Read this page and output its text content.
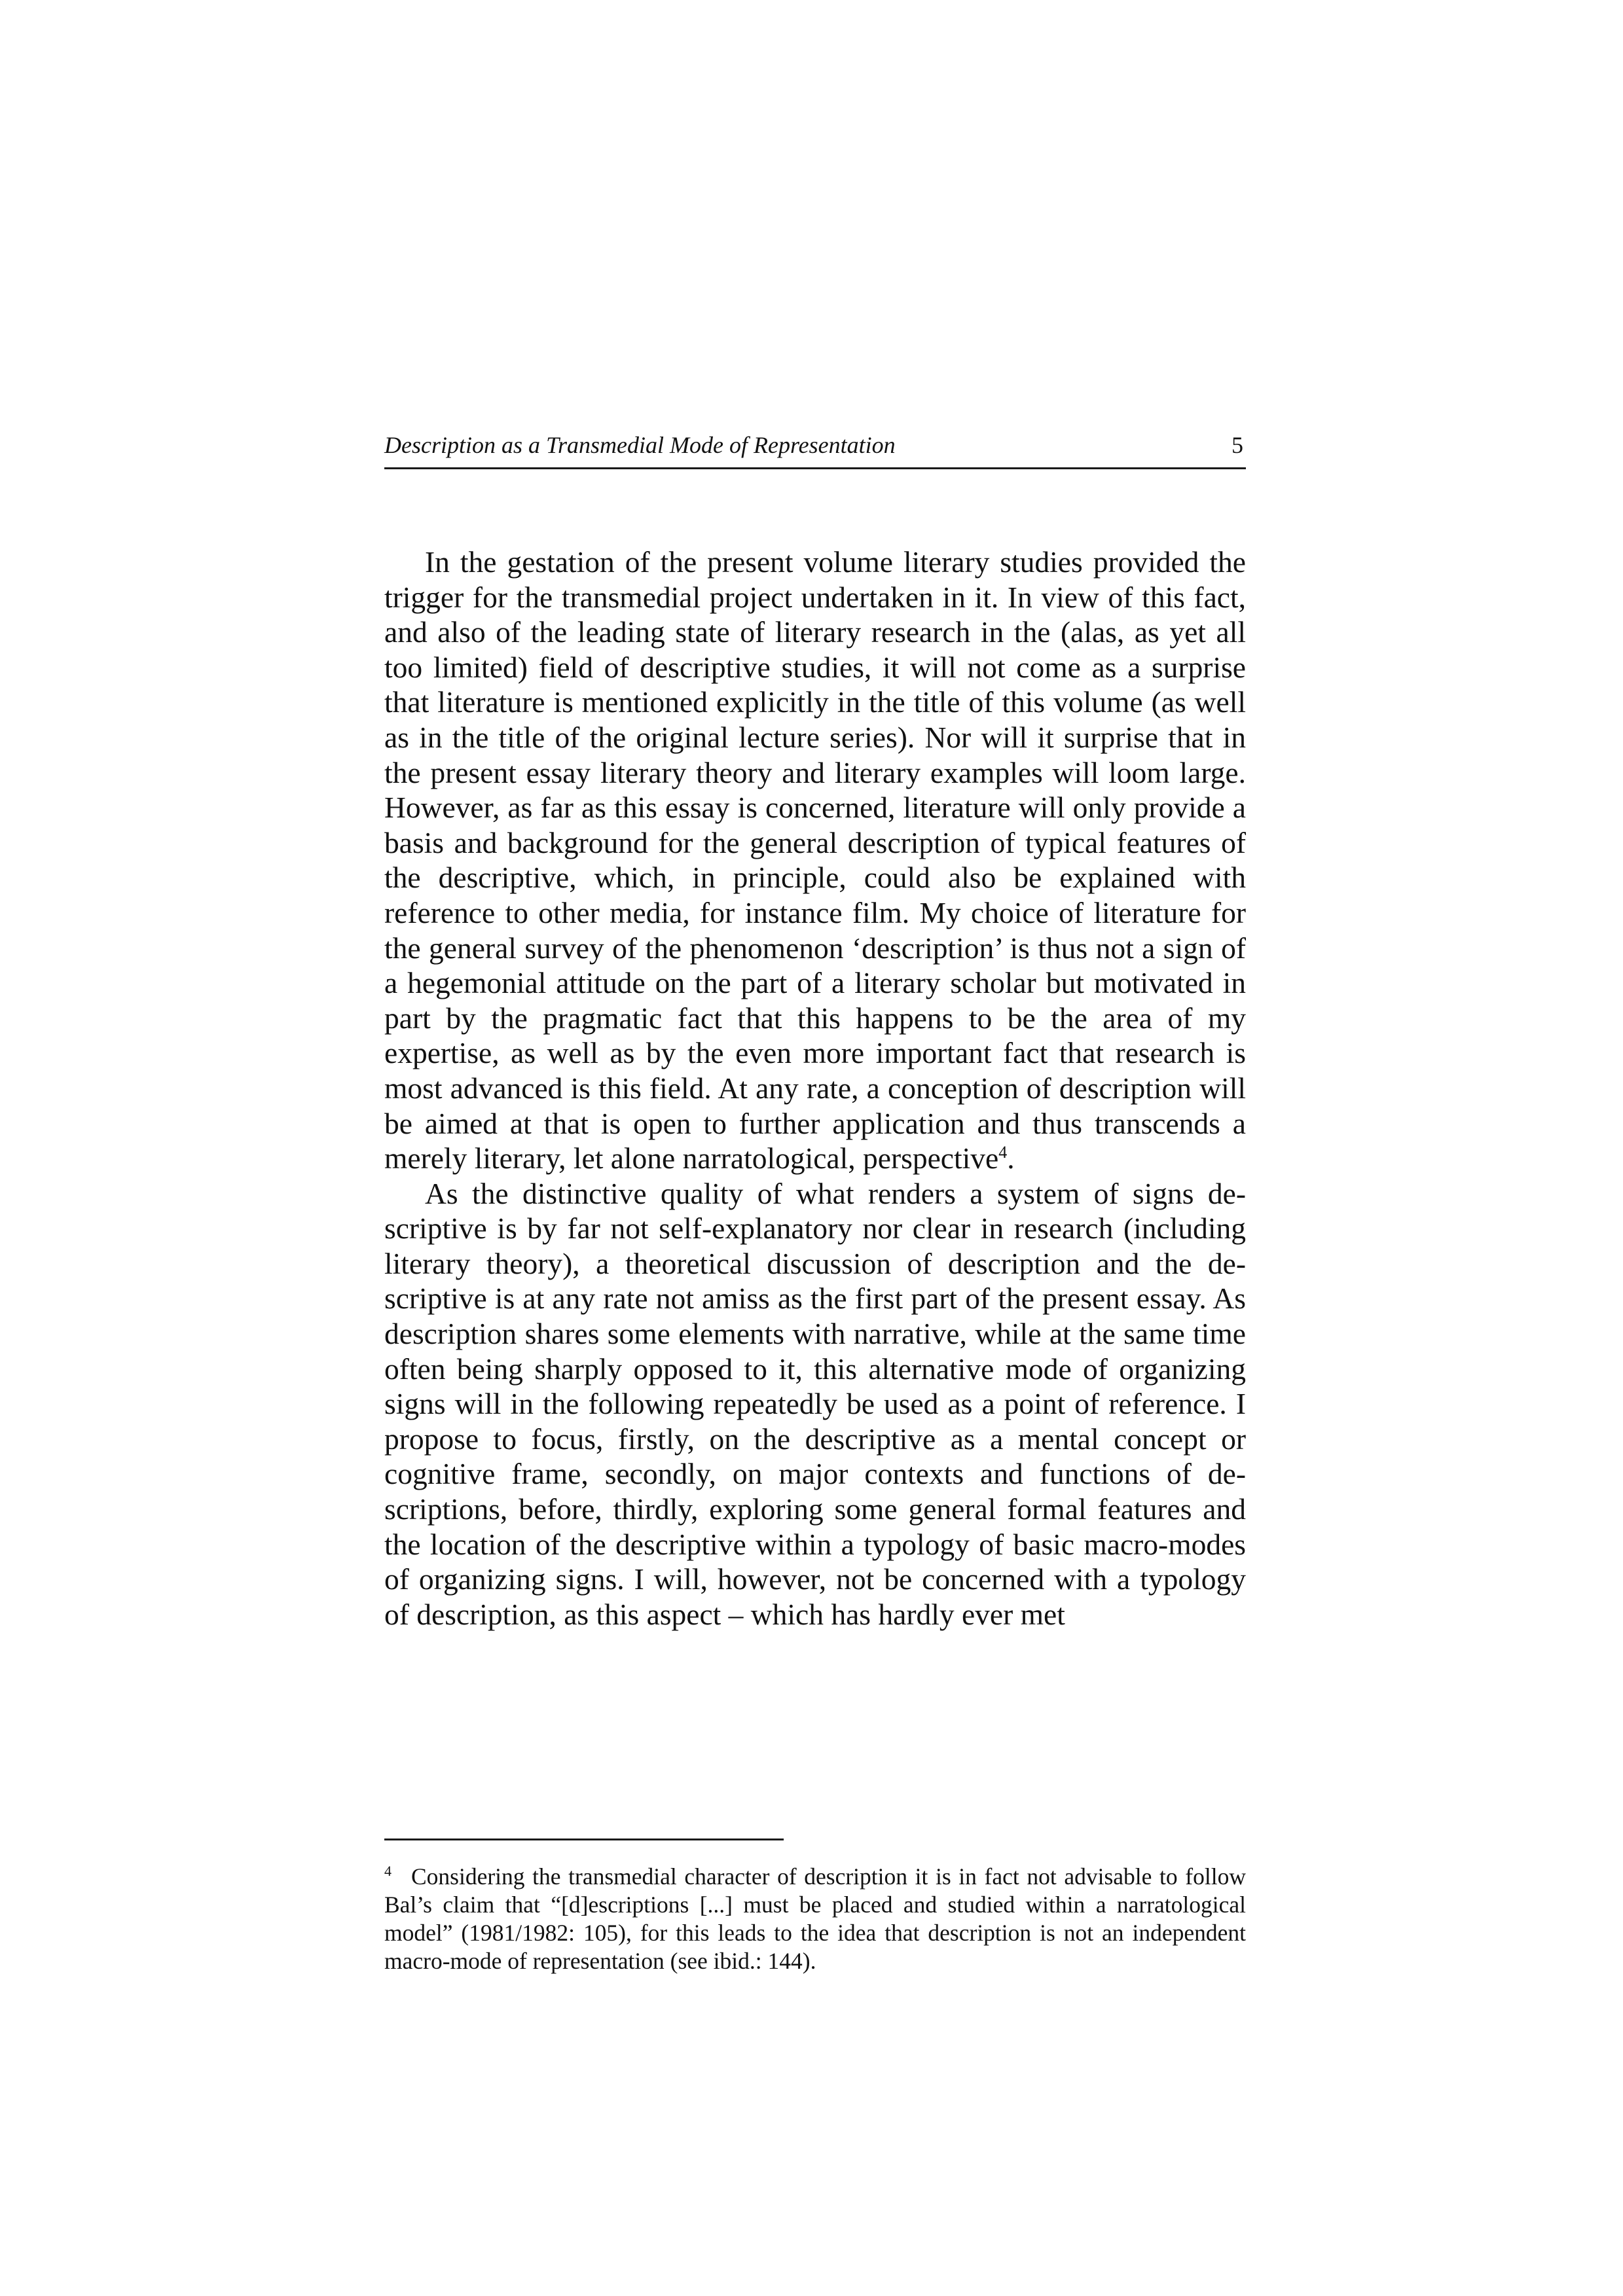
Description as a Transmedial Mode of Representation	5

In the gestation of the present volume literary studies provided the trigger for the transmedial project undertaken in it. In view of this fact, and also of the leading state of literary research in the (alas, as yet all too limited) field of descriptive studies, it will not come as a surprise that literature is mentioned explicitly in the title of this volume (as well as in the title of the original lecture series). Nor will it surprise that in the present essay literary theory and literary examples will loom large. However, as far as this essay is concerned, literature will only provide a basis and background for the general description of typical features of the descriptive, which, in principle, could also be explained with reference to other media, for instance film. My choice of literature for the general survey of the phenomenon ‘description’ is thus not a sign of a hegemonial attitude on the part of a literary scholar but motivated in part by the pragmatic fact that this happens to be the area of my expertise, as well as by the even more important fact that research is most advanced is this field. At any rate, a conception of description will be aimed at that is open to further application and thus transcends a merely literary, let alone narratological, perspective$^4$.

As the distinctive quality of what renders a system of signs descriptive is by far not self-explanatory nor clear in research (including literary theory), a theoretical discussion of description and the descriptive is at any rate not amiss as the first part of the present essay. As description shares some elements with narrative, while at the same time often being sharply opposed to it, this alternative mode of organizing signs will in the following repeatedly be used as a point of reference. I propose to focus, firstly, on the descriptive as a mental concept or cognitive frame, secondly, on major contexts and functions of descriptions, before, thirdly, exploring some general formal features and the location of the descriptive within a typology of basic macro-modes of organizing signs. I will, however, not be concerned with a typology of description, as this aspect – which has hardly ever met

$^4$ Considering the transmedial character of description it is in fact not advisable to follow Bal’s claim that “[d]escriptions [...] must be placed and studied within a narratological model” (1981/1982: 105), for this leads to the idea that description is not an independent macro-mode of representation (see ibid.: 144).
